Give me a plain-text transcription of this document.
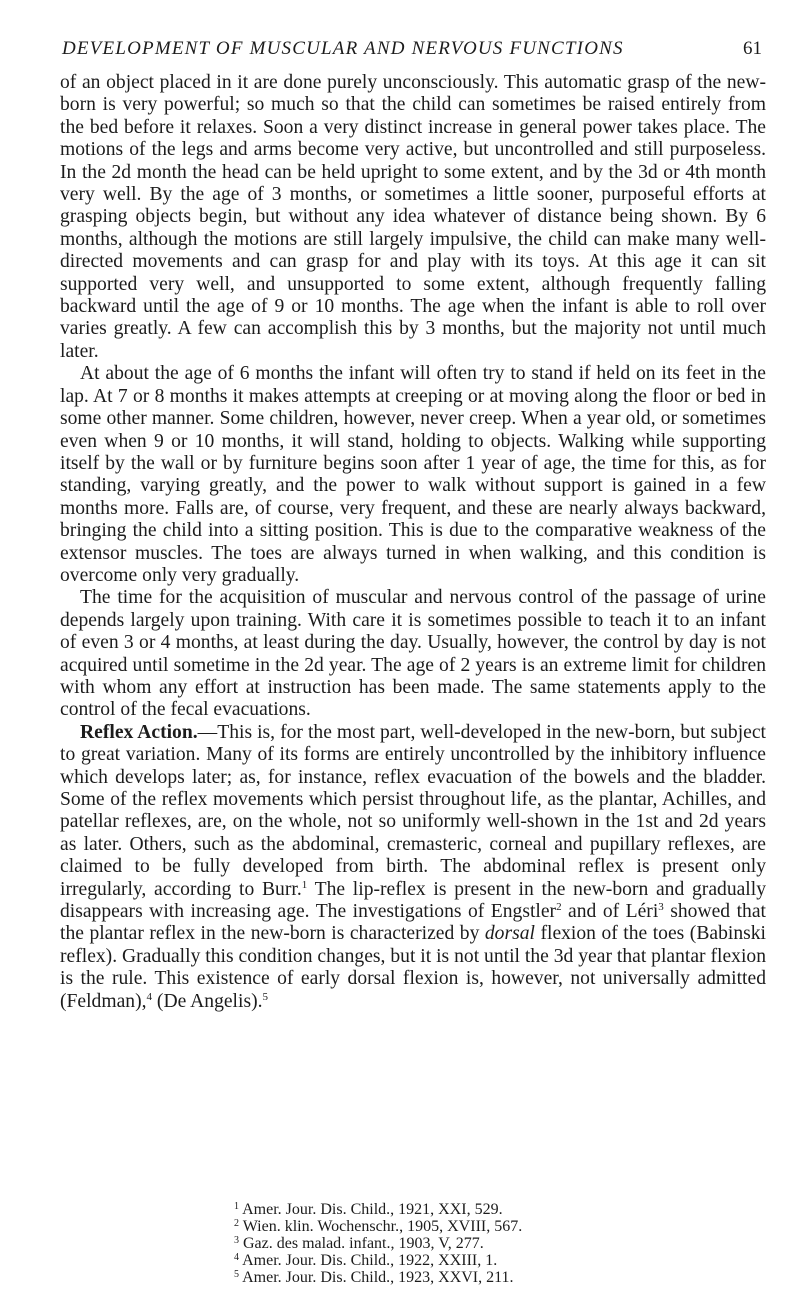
DEVELOPMENT OF MUSCULAR AND NERVOUS FUNCTIONS	61

of an object placed in it are done purely unconsciously. This automatic grasp of the new-born is very powerful; so much so that the child can sometimes be raised entirely from the bed before it relaxes. Soon a very distinct increase in general power takes place. The motions of the legs and arms become very active, but uncontrolled and still purposeless. In the 2d month the head can be held upright to some extent, and by the 3d or 4th month very well. By the age of 3 months, or sometimes a little sooner, purposeful efforts at grasping objects begin, but without any idea whatever of distance being shown. By 6 months, although the motions are still largely impulsive, the child can make many well-directed movements and can grasp for and play with its toys. At this age it can sit supported very well, and unsupported to some extent, although frequently falling backward until the age of 9 or 10 months. The age when the infant is able to roll over varies greatly. A few can accomplish this by 3 months, but the majority not until much later.

At about the age of 6 months the infant will often try to stand if held on its feet in the lap. At 7 or 8 months it makes attempts at creeping or at moving along the floor or bed in some other manner. Some children, however, never creep. When a year old, or sometimes even when 9 or 10 months, it will stand, holding to objects. Walking while supporting itself by the wall or by furniture begins soon after 1 year of age, the time for this, as for standing, varying greatly, and the power to walk without support is gained in a few months more. Falls are, of course, very frequent, and these are nearly always backward, bringing the child into a sitting position. This is due to the comparative weakness of the extensor muscles. The toes are always turned in when walking, and this condition is overcome only very gradually.

The time for the acquisition of muscular and nervous control of the passage of urine depends largely upon training. With care it is sometimes possible to teach it to an infant of even 3 or 4 months, at least during the day. Usually, however, the control by day is not acquired until sometime in the 2d year. The age of 2 years is an extreme limit for children with whom any effort at instruction has been made. The same statements apply to the control of the fecal evacuations.

Reflex Action.—This is, for the most part, well-developed in the new-born, but subject to great variation. Many of its forms are entirely uncontrolled by the inhibitory influence which develops later; as, for instance, reflex evacuation of the bowels and the bladder. Some of the reflex movements which persist throughout life, as the plantar, Achilles, and patellar reflexes, are, on the whole, not so uniformly well-shown in the 1st and 2d years as later. Others, such as the abdominal, cremasteric, corneal and pupillary reflexes, are claimed to be fully developed from birth. The abdominal reflex is present only irregularly, according to Burr.$^1$ The lip-reflex is present in the new-born and gradually disappears with increasing age. The investigations of Engstler$^2$ and of Léri$^3$ showed that the plantar reflex in the new-born is characterized by dorsal flexion of the toes (Babinski reflex). Gradually this condition changes, but it is not until the 3d year that plantar flexion is the rule. This existence of early dorsal flexion is, however, not universally admitted (Feldman),$^4$ (De Angelis).$^5$

$^1$ Amer. Jour. Dis. Child., 1921, XXI, 529.
$^2$ Wien. klin. Wochenschr., 1905, XVIII, 567.
$^3$ Gaz. des malad. infant., 1903, V, 277.
$^4$ Amer. Jour. Dis. Child., 1922, XXIII, 1.
$^5$ Amer. Jour. Dis. Child., 1923, XXVI, 211.
